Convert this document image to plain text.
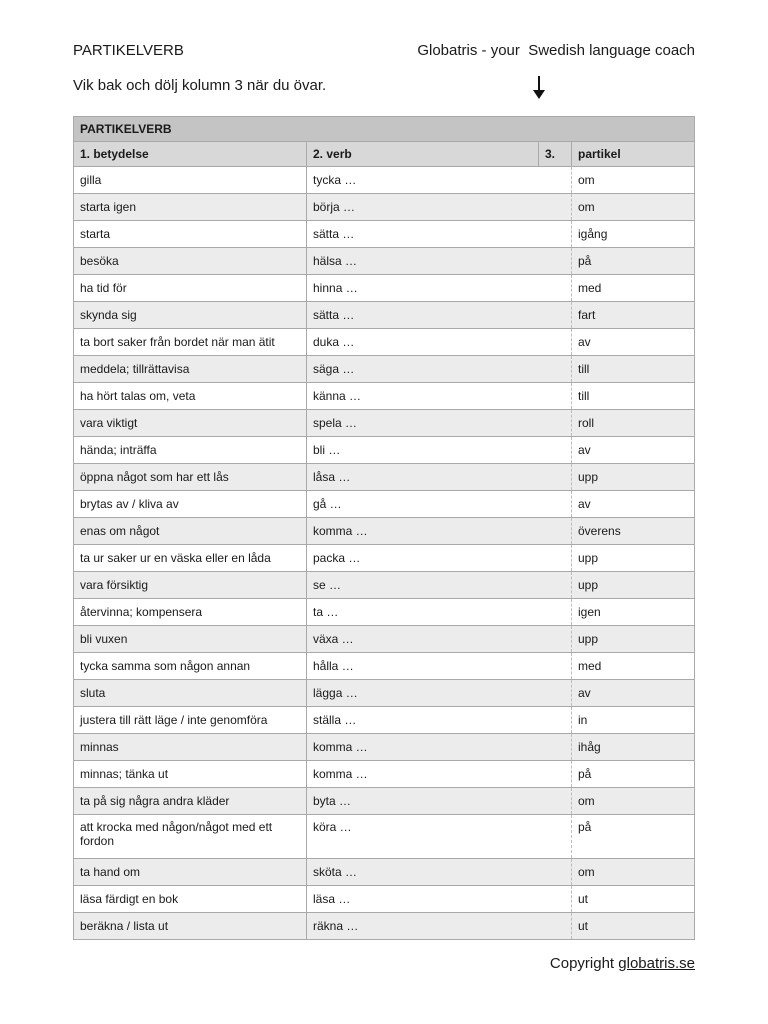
PARTIKELVERB	Globatris - your  Swedish language coach
Vik bak och dölj kolumn 3 när du övar.
PARTIKELVERB			
1. betydelse	2. verb	3.	partikel
gilla	tycka …		om
starta igen	börja …		om
starta	sätta …		igång
besöka	hälsa …		på
ha tid för	hinna …		med
skynda sig	sätta …		fart
ta bort saker från bordet när man ätit	duka …		av
meddela; tillrättavisa	säga …		till
ha hört talas om, veta	känna …		till
vara viktigt	spela …		roll
hända; inträffa	bli …		av
öppna något som har ett lås	låsa …		upp
brytas av / kliva av	gå …		av
enas om något	komma …		överens
ta ur saker ur en väska eller en låda	packa …		upp
vara försiktig	se …		upp
återvinna; kompensera	ta …		igen
bli vuxen	växa …		upp
tycka samma som någon annan	hålla …		med
sluta	lägga …		av
justera till rätt läge / inte genomföra	ställa …		in
minnas	komma …		ihåg
minnas; tänka ut	komma …		på
ta på sig några andra kläder	byta …		om
att krocka med någon/något med ett fordon	köra …		på
ta hand om	sköta …		om
läsa färdigt en bok	läsa …		ut
beräkna / lista ut	räkna …		ut
Copyright globatris.se
